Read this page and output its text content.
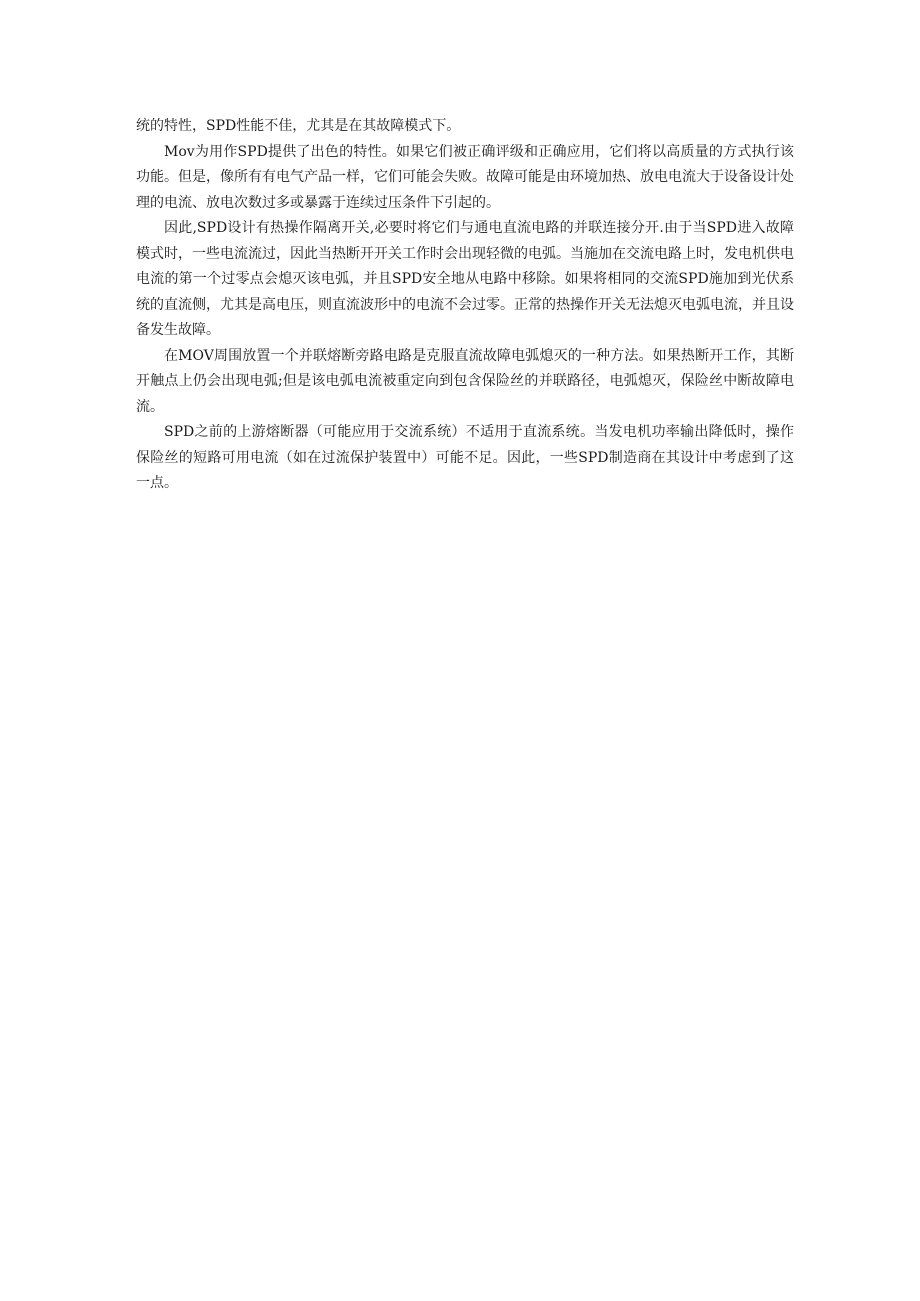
统的特性，SPD性能不佳，尤其是在其故障模式下。

Mov为用作SPD提供了出色的特性。如果它们被正确评级和正确应用，它们将以高质量的方式执行该功能。但是，像所有有电气产品一样，它们可能会失败。故障可能是由环境加热、放电电流大于设备设计处理的电流、放电次数过多或暴露于连续过压条件下引起的。

因此,SPD设计有热操作隔离开关,必要时将它们与通电直流电路的并联连接分开.由于当SPD进入故障模式时，一些电流流过，因此当热断开开关工作时会出现轻微的电弧。当施加在交流电路上时，发电机供电电流的第一个过零点会熄灭该电弧，并且SPD安全地从电路中移除。如果将相同的交流SPD施加到光伏系统的直流侧，尤其是高电压，则直流波形中的电流不会过零。正常的热操作开关无法熄灭电弧电流，并且设备发生故障。

在MOV周围放置一个并联熔断旁路电路是克服直流故障电弧熄灭的一种方法。如果热断开工作，其断开触点上仍会出现电弧;但是该电弧电流被重定向到包含保险丝的并联路径，电弧熄灭，保险丝中断故障电流。

SPD之前的上游熔断器（可能应用于交流系统）不适用于直流系统。当发电机功率输出降低时，操作保险丝的短路可用电流（如在过流保护装置中）可能不足。因此，一些SPD制造商在其设计中考虑到了这一点。
